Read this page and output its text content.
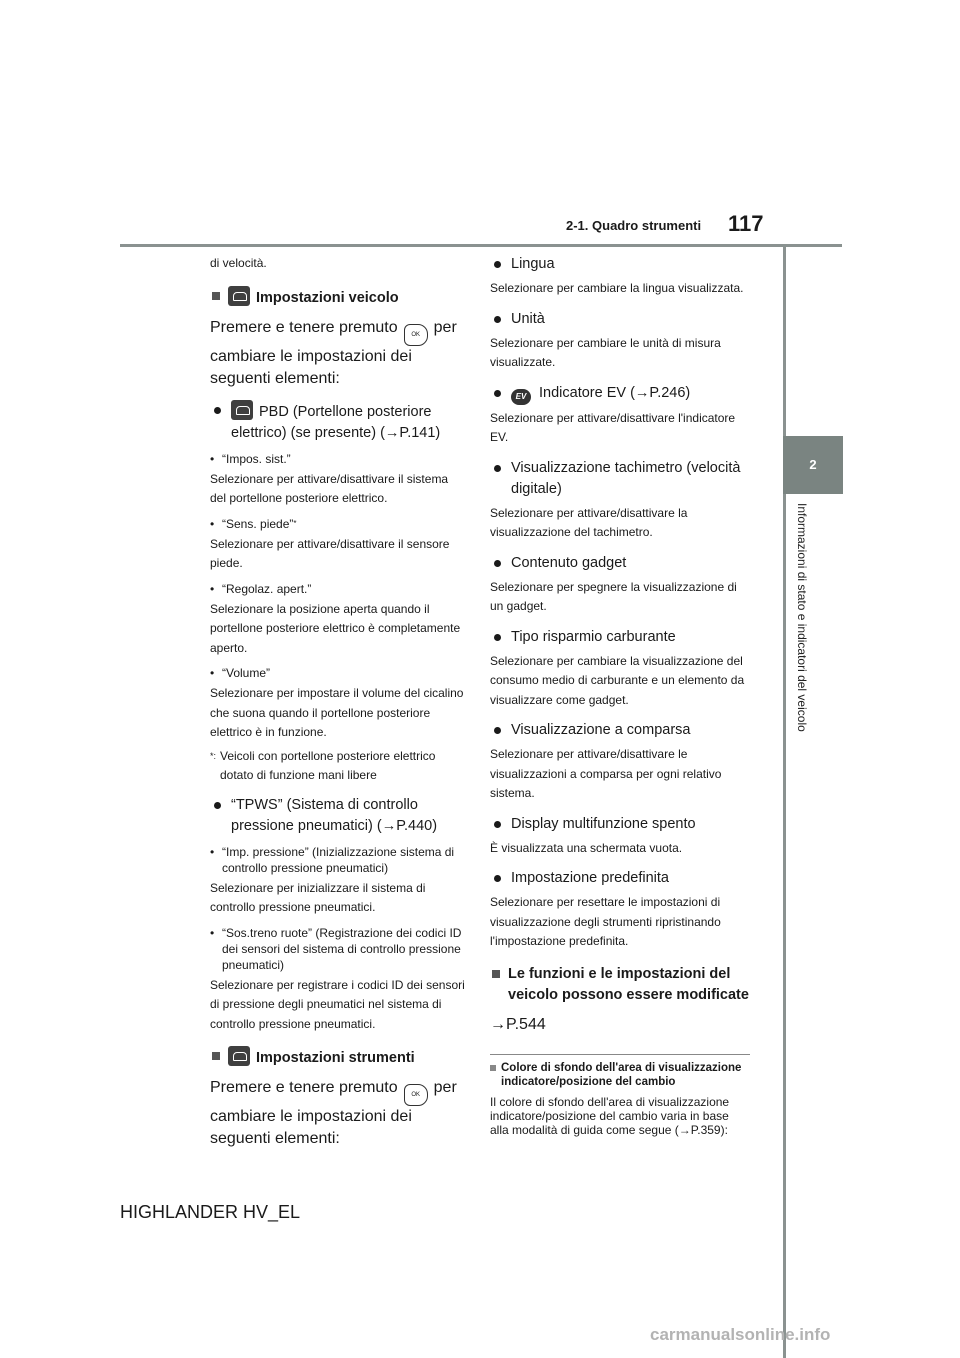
2-1. Quadro strumenti 117
2
Informazioni di stato e indicatori del veicolo
di velocità.
Impostazioni veicolo
Premere e tenere premuto OK per cambiare le impostazioni dei seguenti elementi:
PBD (Portellone posteriore elettrico) (se presente) (→P.141)
• “Impos. sist.”
Selezionare per attivare/disattivare il sistema del portellone posteriore elettrico.
• “Sens. piede”*
Selezionare per attivare/disattivare il sensore piede.
• “Regolaz. apert.”
Selezionare la posizione aperta quando il portellone posteriore elettrico è completamente aperto.
• “Volume”
Selezionare per impostare il volume del cicalino che suona quando il portellone posteriore elettrico è in funzione.
*: Veicoli con portellone posteriore elettrico dotato di funzione mani libere
“TPWS” (Sistema di controllo pressione pneumatici) (→P.440)
• “Imp. pressione” (Inizializzazione sistema di controllo pressione pneumatici)
Selezionare per inizializzare il sistema di controllo pressione pneumatici.
• “Sos.treno ruote” (Registrazione dei codici ID dei sensori del sistema di controllo pressione pneumatici)
Selezionare per registrare i codici ID dei sensori di pressione degli pneumatici nel sistema di controllo pressione pneumatici.
Impostazioni strumenti
Premere e tenere premuto OK per cambiare le impostazioni dei seguenti elementi:
Lingua
Selezionare per cambiare la lingua visualizzata.
Unità
Selezionare per cambiare le unità di misura visualizzate.
EV Indicatore EV (→P.246)
Selezionare per attivare/disattivare l'indicatore EV.
Visualizzazione tachimetro (velocità digitale)
Selezionare per attivare/disattivare la visualizzazione del tachimetro.
Contenuto gadget
Selezionare per spegnere la visualizzazione di un gadget.
Tipo risparmio carburante
Selezionare per cambiare la visualizzazione del consumo medio di carburante e un elemento da visualizzare come gadget.
Visualizzazione a comparsa
Selezionare per attivare/disattivare le visualizzazioni a comparsa per ogni relativo sistema.
Display multifunzione spento
È visualizzata una schermata vuota.
Impostazione predefinita
Selezionare per resettare le impostazioni di visualizzazione degli strumenti ripristinando l'impostazione predefinita.
Le funzioni e le impostazioni del veicolo possono essere modificate
→P.544
Colore di sfondo dell'area di visualizzazione indicatore/posizione del cambio
Il colore di sfondo dell'area di visualizzazione indicatore/posizione del cambio varia in base alla modalità di guida come segue (→P.359):
HIGHLANDER HV_EL
carmanualsonline.info
